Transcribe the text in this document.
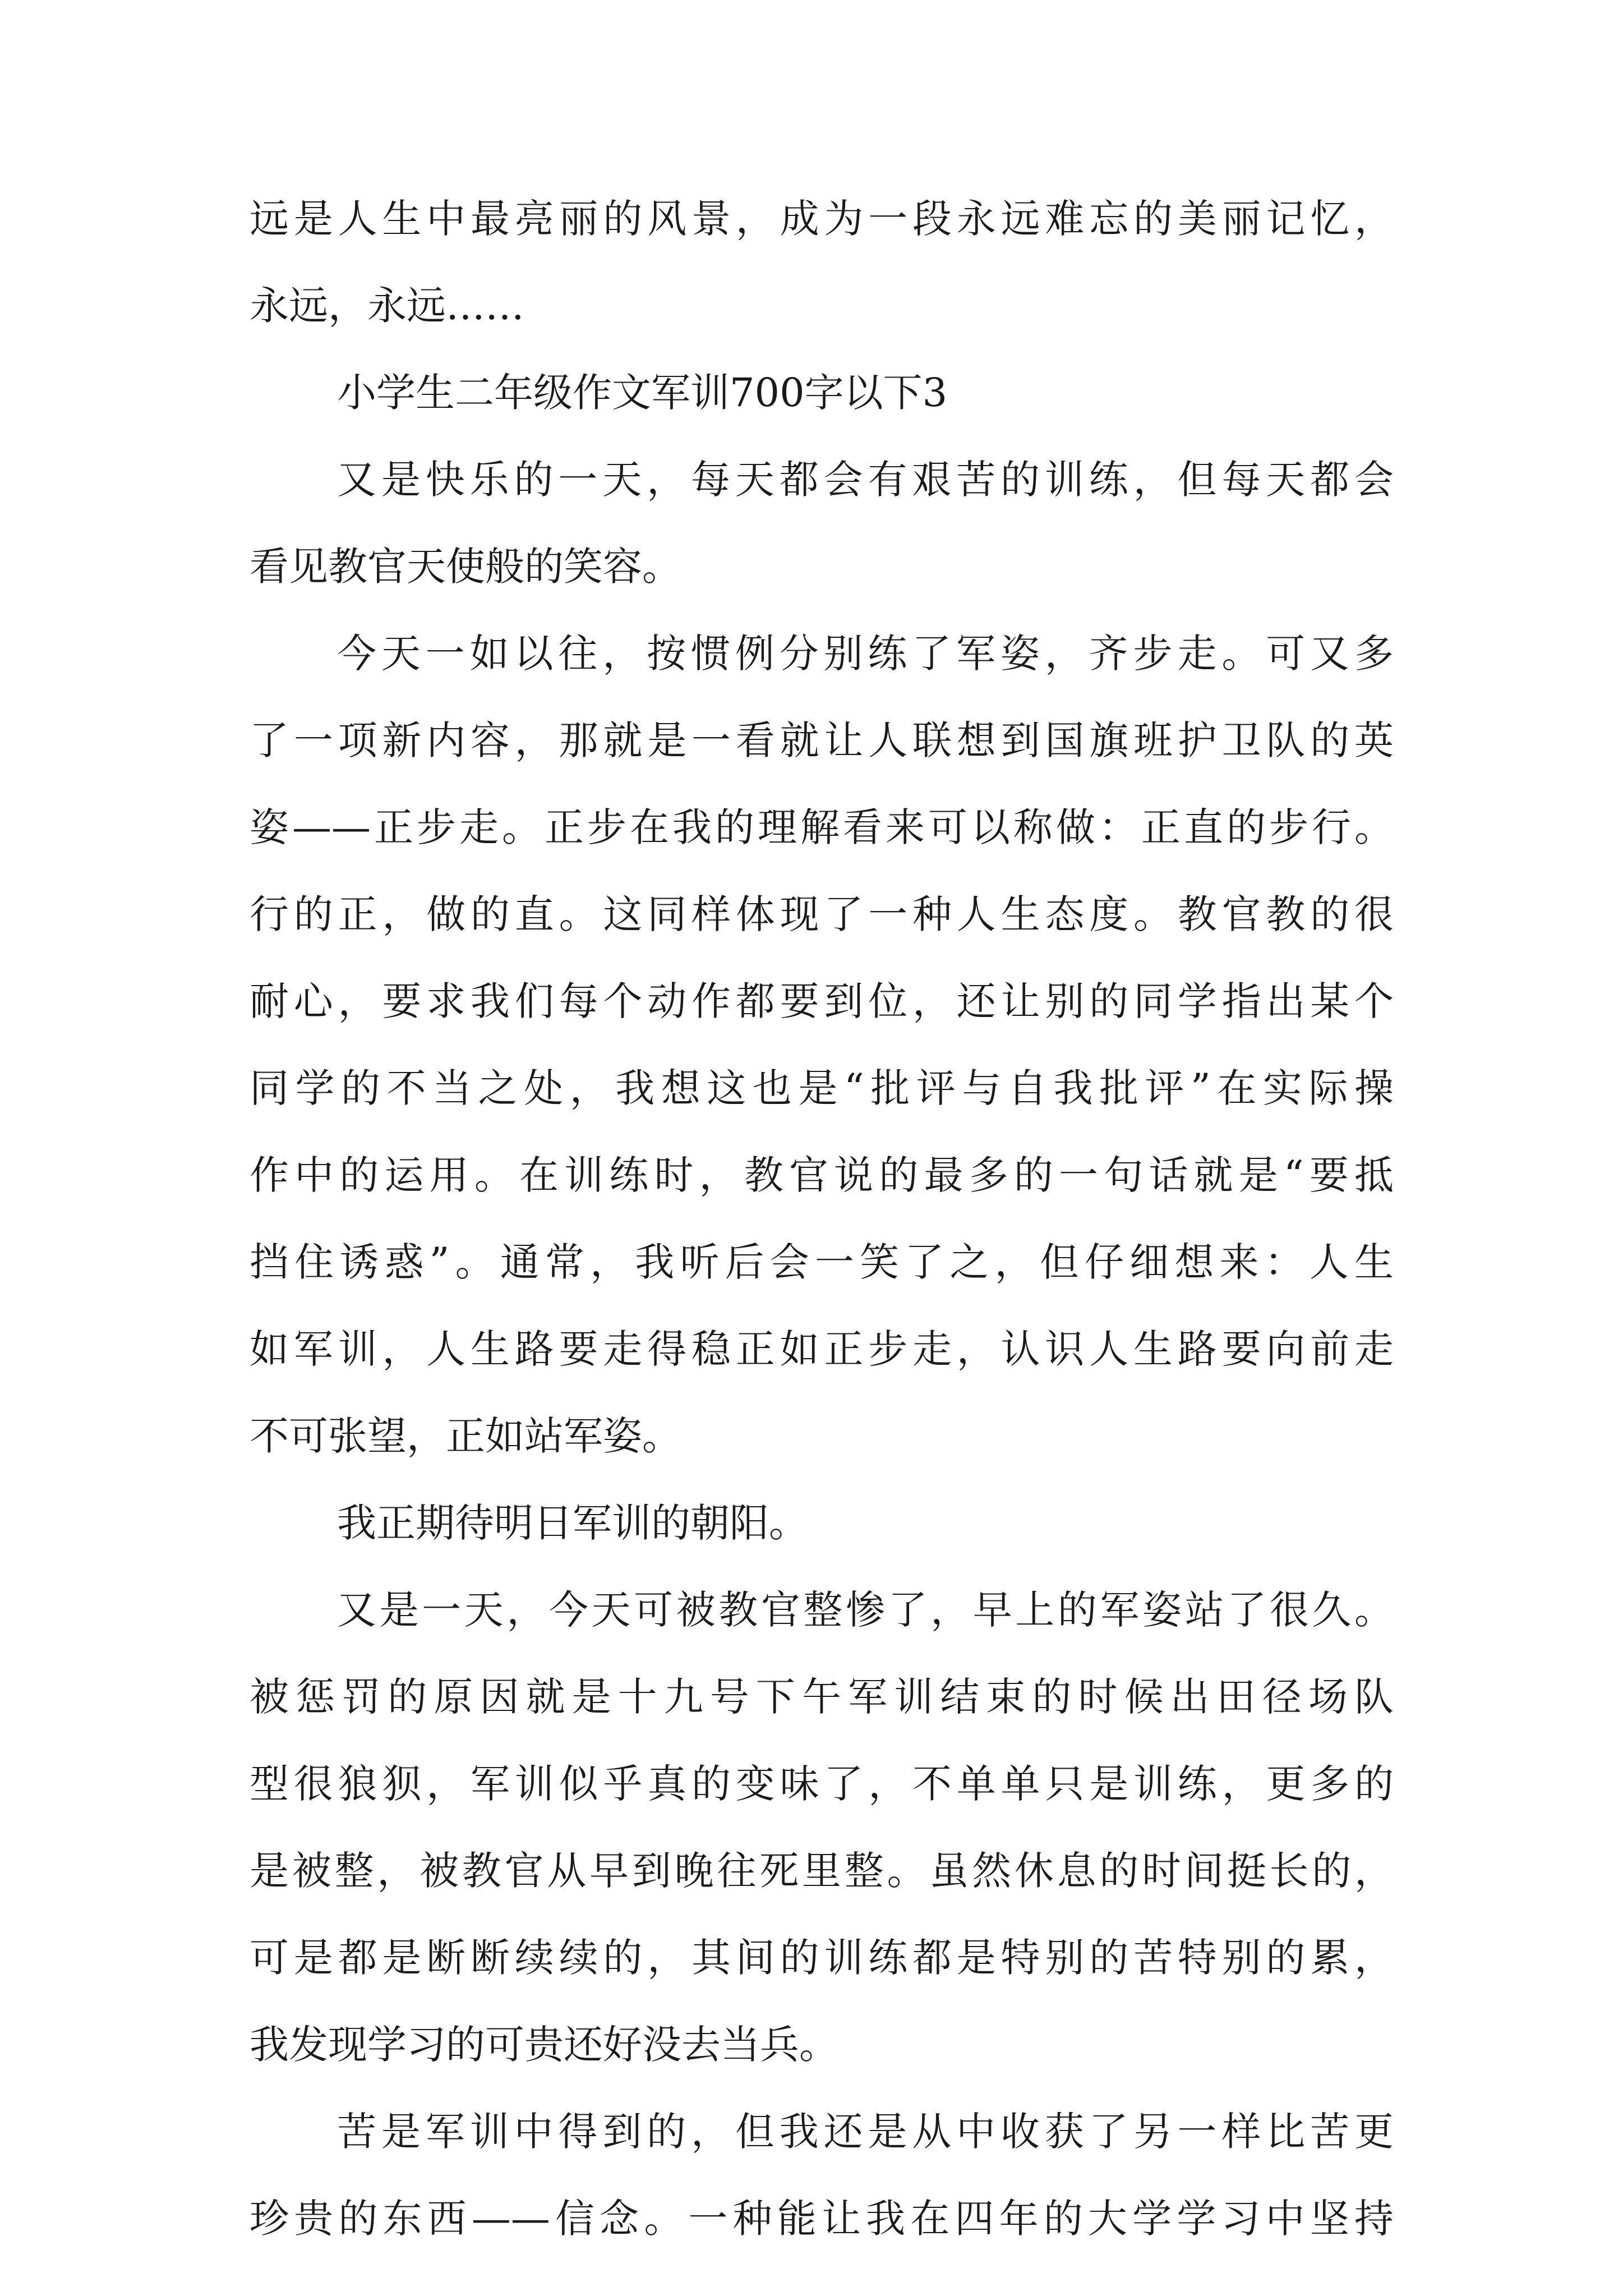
远是人生中最亮丽的风景，成为一段永远难忘的美丽记忆，
永远，永远……
小学生二年级作文军训700字以下3
又是快乐的一天，每天都会有艰苦的训练，但每天都会
看见教官天使般的笑容。
今天一如以往，按惯例分别练了军姿，齐步走。可又多
了一项新内容，那就是一看就让人联想到国旗班护卫队的英
姿——正步走。正步在我的理解看来可以称做：正直的步行。
行的正，做的直。这同样体现了一种人生态度。教官教的很
耐心，要求我们每个动作都要到位，还让别的同学指出某个
同学的不当之处，我想这也是“批评与自我批评”在实际操
作中的运用。在训练时，教官说的最多的一句话就是“要抵
挡住诱惑”。通常，我听后会一笑了之，但仔细想来：人生
如军训，人生路要走得稳正如正步走，认识人生路要向前走
不可张望，正如站军姿。
我正期待明日军训的朝阳。
又是一天，今天可被教官整惨了，早上的军姿站了很久。
被惩罚的原因就是十九号下午军训结束的时候出田径场队
型很狼狈，军训似乎真的变味了，不单单只是训练，更多的
是被整，被教官从早到晚往死里整。虽然休息的时间挺长的，
可是都是断断续续的，其间的训练都是特别的苦特别的累，
我发现学习的可贵还好没去当兵。
苦是军训中得到的，但我还是从中收获了另一样比苦更
珍贵的东西——信念。一种能让我在四年的大学学习中坚持
